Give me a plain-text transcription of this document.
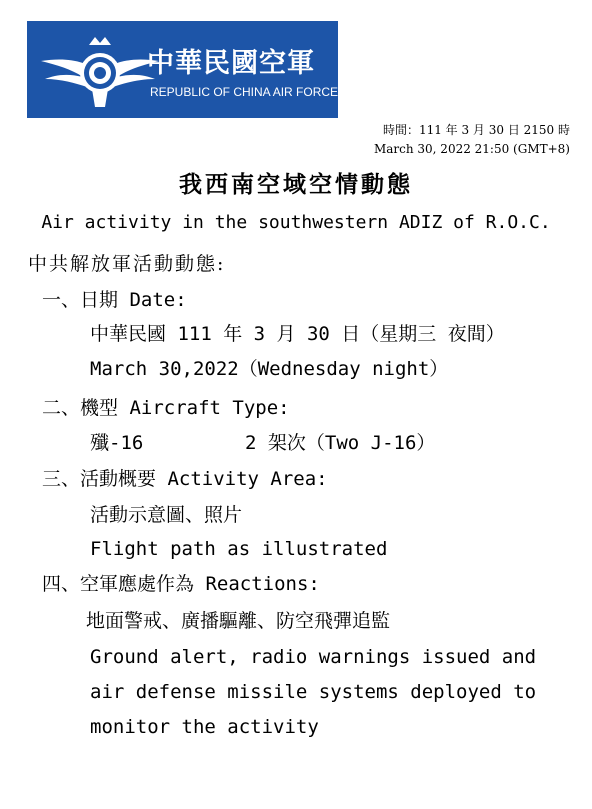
中華民國空軍
REPUBLIC OF CHINA AIR FORCE
時間：111 年 3 月 30 日 2150 時
March 30, 2022 21:50 (GMT+8)
我西南空域空情動態
Air activity in the southwestern ADIZ of R.O.C.
中共解放軍活動動態:
一、日期 Date:
中華民國 111 年 3 月 30 日（星期三 夜間）
March 30,2022（Wednesday night）
二、機型 Aircraft Type:
殲-16	2 架次（Two J-16）
三、活動概要 Activity Area:
活動示意圖、照片
Flight path as illustrated
四、空軍應處作為 Reactions:
地面警戒、廣播驅離、防空飛彈追監
Ground alert, radio warnings issued and
air defense missile systems deployed to
monitor the activity
